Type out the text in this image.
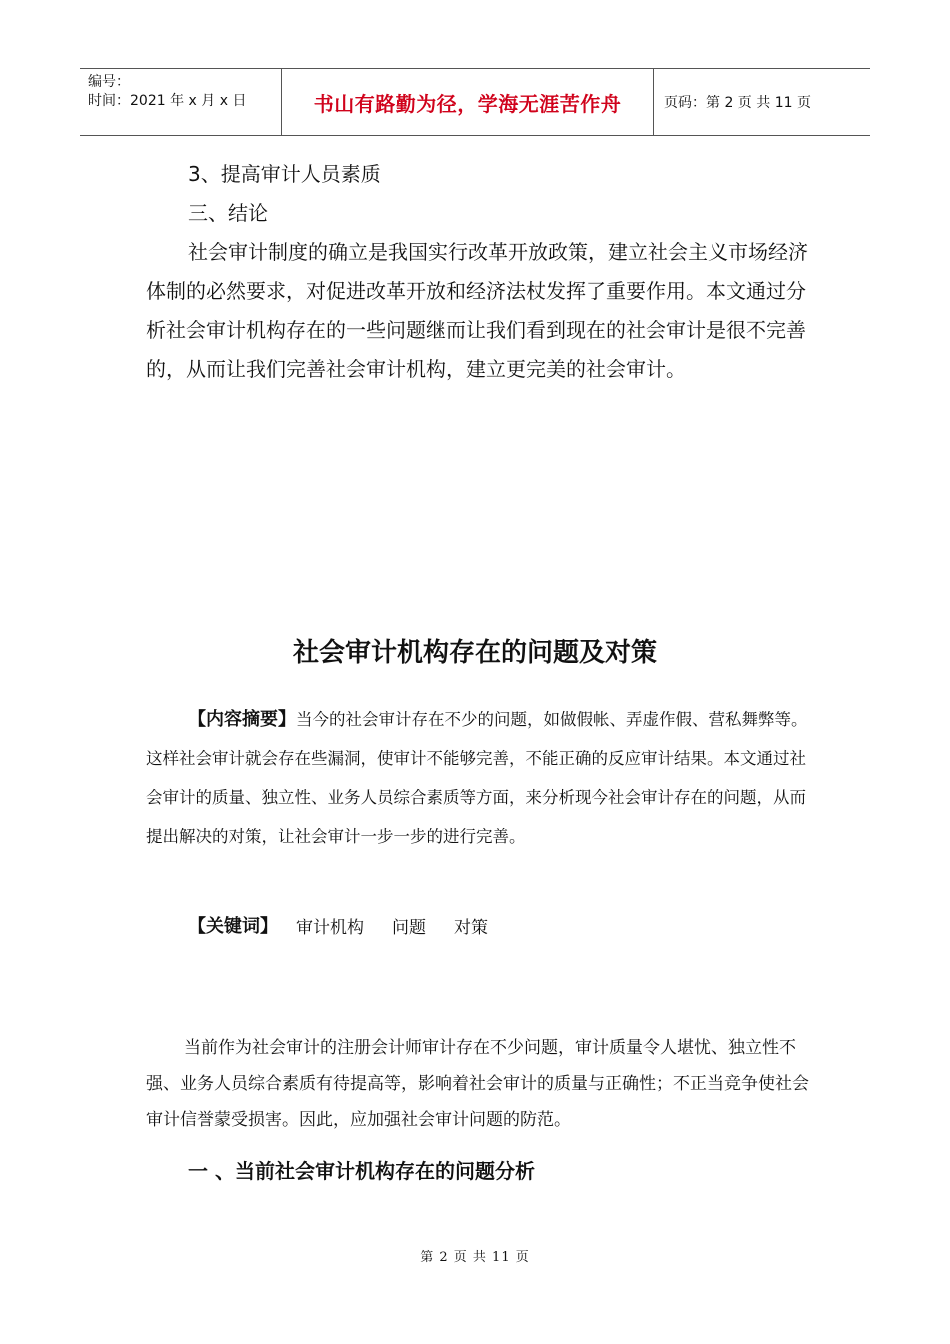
编号：
时间：2021 年 x 月 x 日	书山有路勤为径，学海无涯苦作舟	页码：第 2 页 共 11 页

3、提高审计人员素质

三、结论

社会审计制度的确立是我国实行改革开放政策，建立社会主义市场经济体制的必然要求，对促进改革开放和经济法杖发挥了重要作用。本文通过分析社会审计机构存在的一些问题继而让我们看到现在的社会审计是很不完善的，从而让我们完善社会审计机构，建立更完美的社会审计。

社会审计机构存在的问题及对策
【内容摘要】当今的社会审计存在不少的问题，如做假帐、弄虚作假、营私舞弊等。这样社会审计就会存在些漏洞，使审计不能够完善，不能正确的反应审计结果。本文通过社会审计的质量、独立性、业务人员综合素质等方面，来分析现今社会审计存在的问题，从而提出解决的对策，让社会审计一步一步的进行完善。
【关键词】 审计机构 问题 对策
当前作为社会审计的注册会计师审计存在不少问题，审计质量令人堪忧、独立性不强、业务人员综合素质有待提高等，影响着社会审计的质量与正确性；不正当竞争使社会审计信誉蒙受损害。因此，应加强社会审计问题的防范。
一 、当前社会审计机构存在的问题分析
第 2 页 共 11 页
